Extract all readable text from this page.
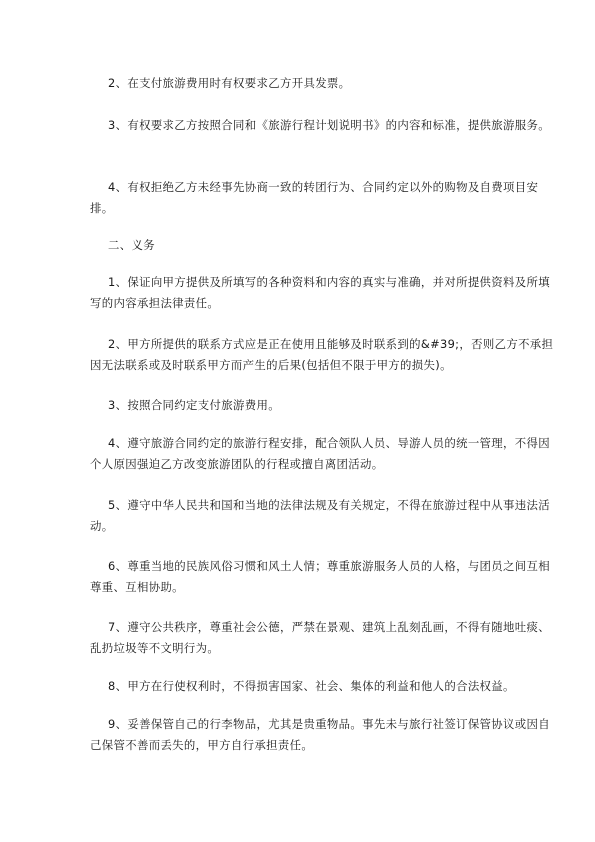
2、在支付旅游费用时有权要求乙方开具发票。

3、有权要求乙方按照合同和《旅游行程计划说明书》的内容和标准，提供旅游服务。

4、有权拒绝乙方未经事先协商一致的转团行为、合同约定以外的购物及自费项目安排。

二、义务

1、保证向甲方提供及所填写的各种资料和内容的真实与准确，并对所提供资料及所填写的内容承担法律责任。

2、甲方所提供的联系方式应是正在使用且能够及时联系到的&#39;，否则乙方不承担因无法联系或及时联系甲方而产生的后果(包括但不限于甲方的损失)。

3、按照合同约定支付旅游费用。

4、遵守旅游合同约定的旅游行程安排，配合领队人员、导游人员的统一管理，不得因个人原因强迫乙方改变旅游团队的行程或擅自离团活动。

5、遵守中华人民共和国和当地的法律法规及有关规定，不得在旅游过程中从事违法活动。

6、尊重当地的民族风俗习惯和风土人情；尊重旅游服务人员的人格，与团员之间互相尊重、互相协助。

7、遵守公共秩序，尊重社会公德，严禁在景观、建筑上乱刻乱画，不得有随地吐痰、乱扔垃圾等不文明行为。

8、甲方在行使权利时，不得损害国家、社会、集体的利益和他人的合法权益。

9、妥善保管自己的行李物品，尤其是贵重物品。事先未与旅行社签订保管协议或因自己保管不善而丢失的，甲方自行承担责任。
